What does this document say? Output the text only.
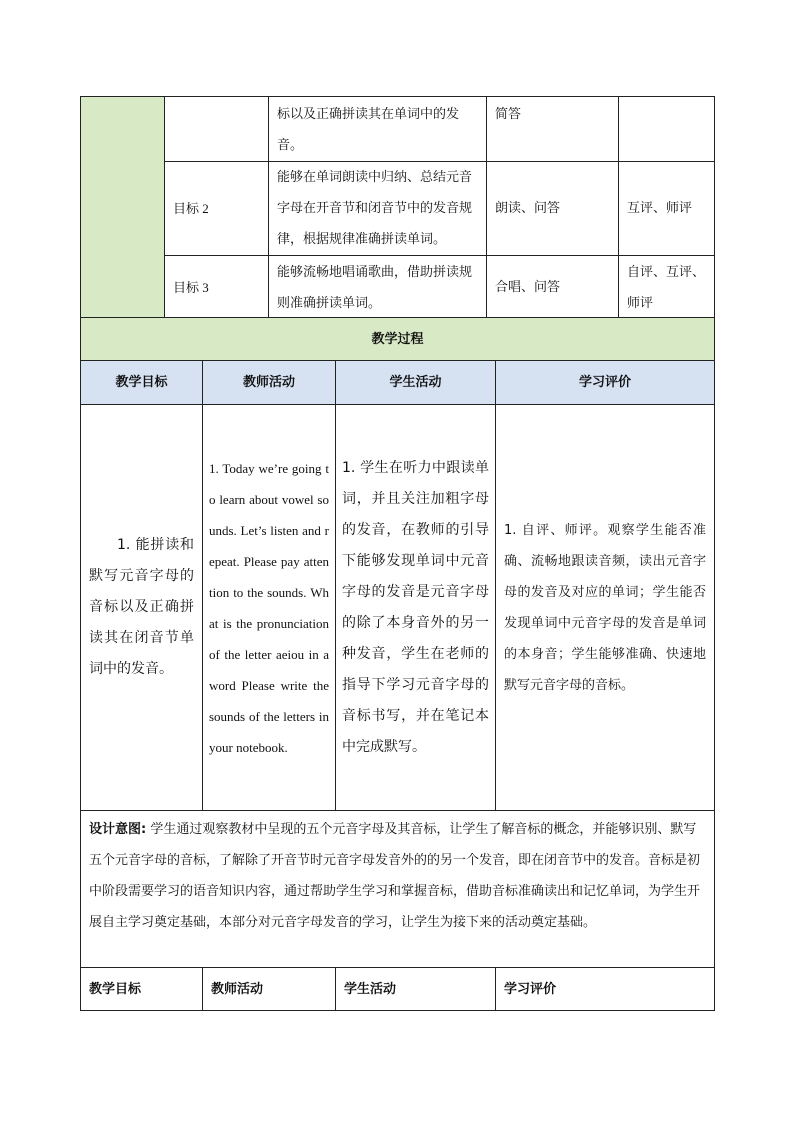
		标以及正确拼读其在单词中的发音。	简答	
	目标 2	能够在单词朗读中归纳、总结元音字母在开音节和闭音节中的发音规律，根据规律准确拼读单词。	朗读、问答	互评、师评
	目标 3	能够流畅地唱诵歌曲，借助拼读规则准确拼读单词。	合唱、问答	自评、互评、师评
教学过程			
教学目标	教师活动	学生活动	学习评价
1. 能拼读和默写元音字母的音标以及正确拼读其在闭音节单词中的发音。	1. Today we’re going to learn about vowel sounds. Let’s listen and repeat. Please pay attention to the sounds. What is the pronunciation of the letter aeiou in a word Please write the sounds of the letters in your notebook.	1. 学生在听力中跟读单词，并且关注加粗字母的发音，在教师的引导下能够发现单词中元音字母的发音是元音字母的除了本身音外的另一种发音，学生在老师的指导下学习元音字母的音标书写，并在笔记本中完成默写。	1. 自评、师评。观察学生能否准确、流畅地跟读音频，读出元音字母的发音及对应的单词；学生能否发现单词中元音字母的发音是单词的本身音；学生能够准确、快速地默写元音字母的音标。
设计意图: 学生通过观察教材中呈现的五个元音字母及其音标，让学生了解音标的概念，并能够识别、默写五个元音字母的音标，了解除了开音节时元音字母发音外的的另一个发音，即在闭音节中的发音。音标是初中阶段需要学习的语音知识内容，通过帮助学生学习和掌握音标，借助音标准确读出和记忆单词，为学生开展自主学习奠定基础，本部分对元音字母发音的学习，让学生为接下来的活动奠定基础。			
教学目标	教师活动	学生活动	学习评价
